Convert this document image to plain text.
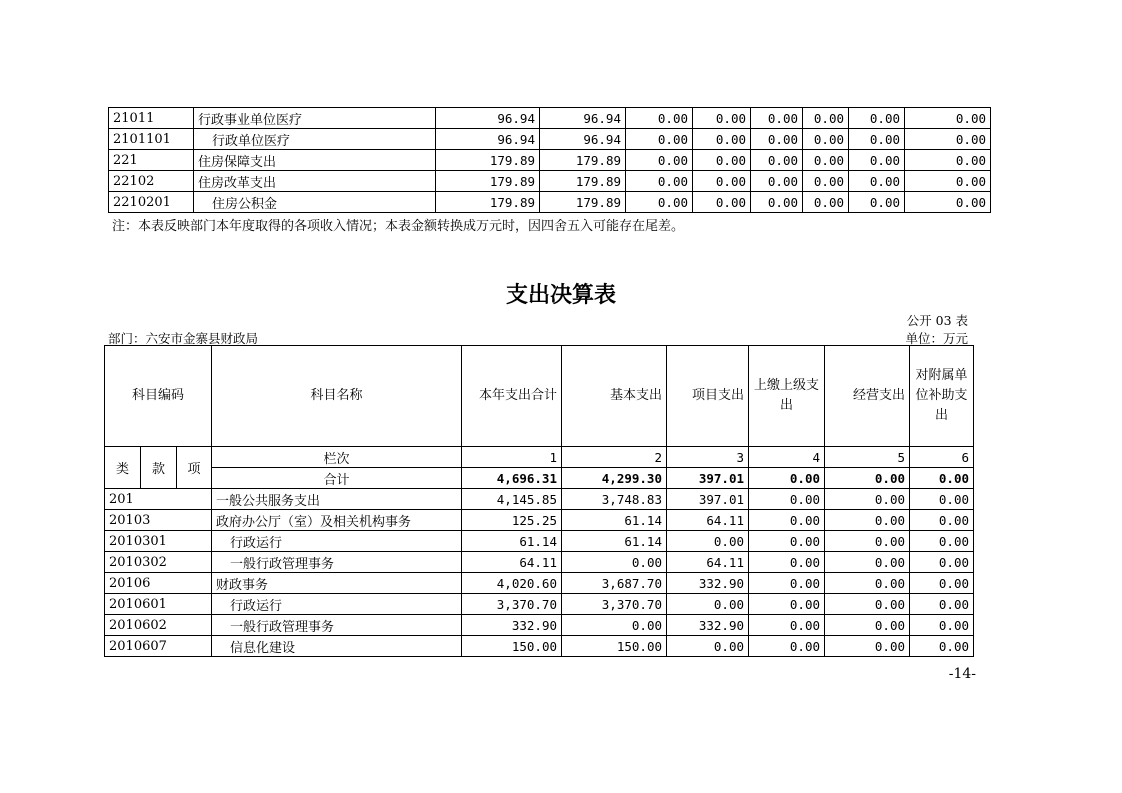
21011	行政事业单位医疗	96.94	96.94	0.00	0.00	0.00	0.00	0.00	0.00
2101101	行政单位医疗	96.94	96.94	0.00	0.00	0.00	0.00	0.00	0.00
221	住房保障支出	179.89	179.89	0.00	0.00	0.00	0.00	0.00	0.00
22102	住房改革支出	179.89	179.89	0.00	0.00	0.00	0.00	0.00	0.00
2210201	住房公积金	179.89	179.89	0.00	0.00	0.00	0.00	0.00	0.00
注：本表反映部门本年度取得的各项收入情况；本表金额转换成万元时，因四舍五入可能存在尾差。
支出决算表
公开 03 表
部门：六安市金寨县财政局	单位：万元
科目编码			科目名称	本年支出合计	基本支出	项目支出	上缴上级支出	经营支出	对附属单位补助支出
类	款	项	栏次	1	2	3	4	5	6
			合计	4,696.31	4,299.30	397.01	0.00	0.00	0.00
201			一般公共服务支出	4,145.85	3,748.83	397.01	0.00	0.00	0.00
20103			政府办公厅（室）及相关机构事务	125.25	61.14	64.11	0.00	0.00	0.00
2010301			行政运行	61.14	61.14	0.00	0.00	0.00	0.00
2010302			一般行政管理事务	64.11	0.00	64.11	0.00	0.00	0.00
20106			财政事务	4,020.60	3,687.70	332.90	0.00	0.00	0.00
2010601			行政运行	3,370.70	3,370.70	0.00	0.00	0.00	0.00
2010602			一般行政管理事务	332.90	0.00	332.90	0.00	0.00	0.00
2010607			信息化建设	150.00	150.00	0.00	0.00	0.00	0.00
-14-
